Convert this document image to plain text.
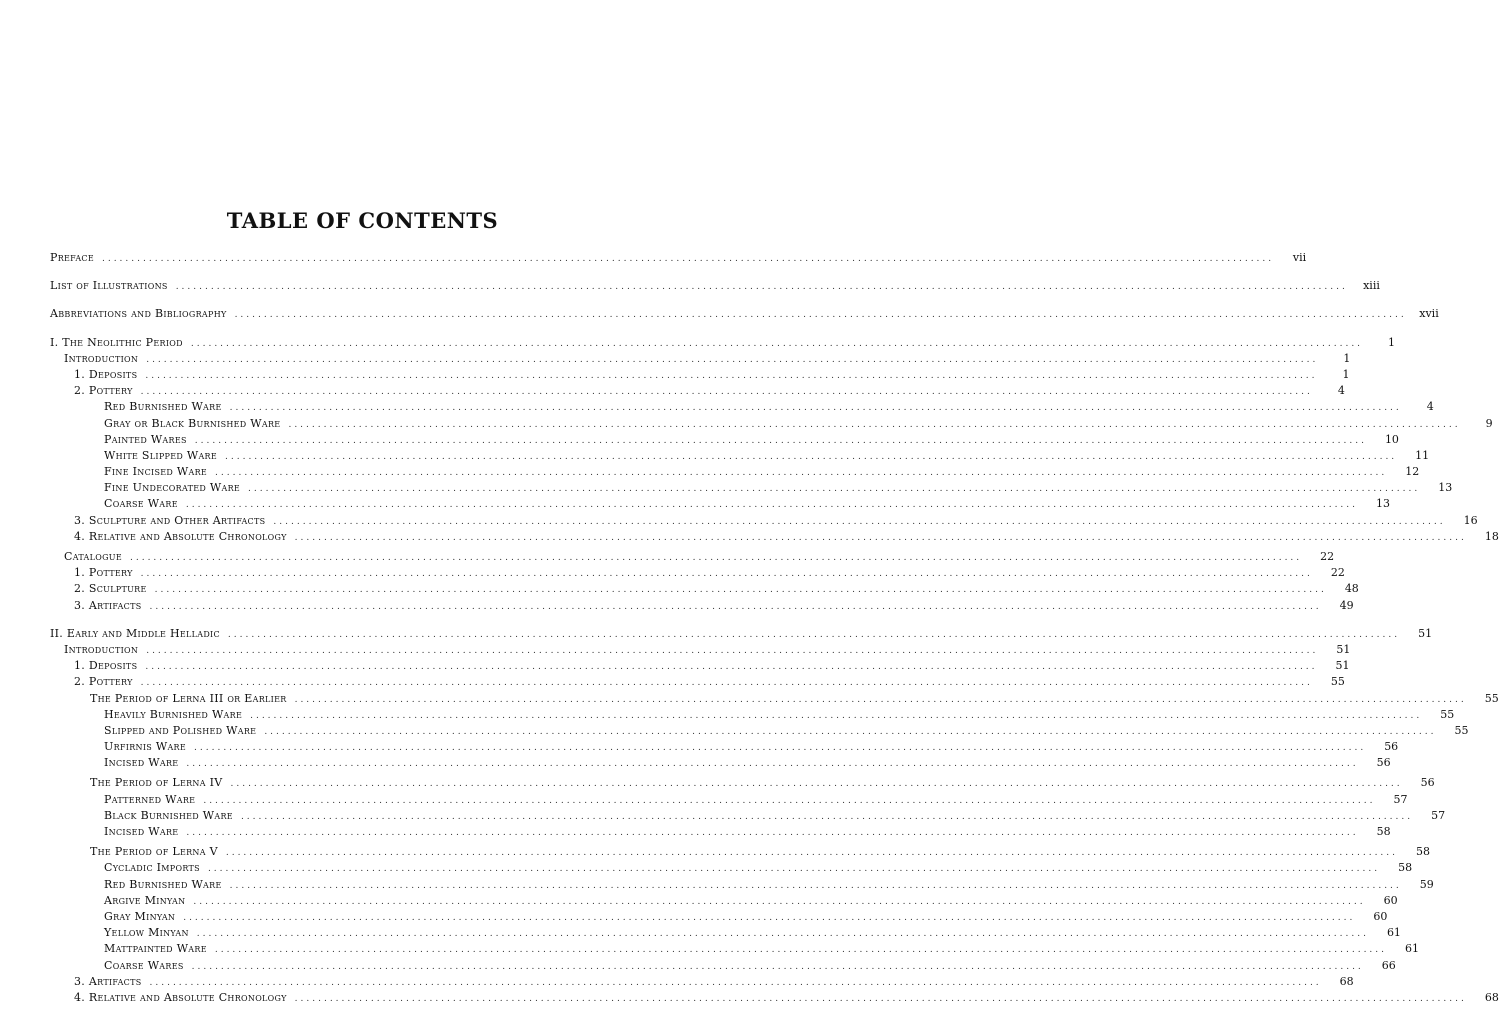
TABLE OF CONTENTS
Preface ........................................................................................................................................................................................................	vii
List of Illustrations ........................................................................................................................................................................................................	xiii
Abbreviations and Bibliography ........................................................................................................................................................................................................	xvii
I. The Neolithic Period ........................................................................................................................................................................................................	1
Introduction ........................................................................................................................................................................................................	1
1. Deposits ........................................................................................................................................................................................................	1
2. Pottery ........................................................................................................................................................................................................	4
Red Burnished Ware ........................................................................................................................................................................................................	4
Gray or Black Burnished Ware ........................................................................................................................................................................................................	9
Painted Wares ........................................................................................................................................................................................................	10
White Slipped Ware ........................................................................................................................................................................................................	11
Fine Incised Ware ........................................................................................................................................................................................................	12
Fine Undecorated Ware ........................................................................................................................................................................................................	13
Coarse Ware ........................................................................................................................................................................................................	13
3. Sculpture and Other Artifacts ........................................................................................................................................................................................................	16
4. Relative and Absolute Chronology ........................................................................................................................................................................................................	18
Catalogue ........................................................................................................................................................................................................	22
1. Pottery ........................................................................................................................................................................................................	22
2. Sculpture ........................................................................................................................................................................................................	48
3. Artifacts ........................................................................................................................................................................................................	49
II. Early and Middle Helladic ........................................................................................................................................................................................................	51
Introduction ........................................................................................................................................................................................................	51
1. Deposits ........................................................................................................................................................................................................	51
2. Pottery ........................................................................................................................................................................................................	55
The Period of Lerna III or Earlier ........................................................................................................................................................................................................	55
Heavily Burnished Ware ........................................................................................................................................................................................................	55
Slipped and Polished Ware ........................................................................................................................................................................................................	55
Urfirnis Ware ........................................................................................................................................................................................................	56
Incised Ware ........................................................................................................................................................................................................	56
The Period of Lerna IV ........................................................................................................................................................................................................	56
Patterned Ware ........................................................................................................................................................................................................	57
Black Burnished Ware ........................................................................................................................................................................................................	57
Incised Ware ........................................................................................................................................................................................................	58
The Period of Lerna V ........................................................................................................................................................................................................	58
Cycladic Imports ........................................................................................................................................................................................................	58
Red Burnished Ware ........................................................................................................................................................................................................	59
Argive Minyan ........................................................................................................................................................................................................	60
Gray Minyan ........................................................................................................................................................................................................	60
Yellow Minyan ........................................................................................................................................................................................................	61
Mattpainted Ware ........................................................................................................................................................................................................	61
Coarse Wares ........................................................................................................................................................................................................	66
3. Artifacts ........................................................................................................................................................................................................	68
4. Relative and Absolute Chronology ........................................................................................................................................................................................................	68
